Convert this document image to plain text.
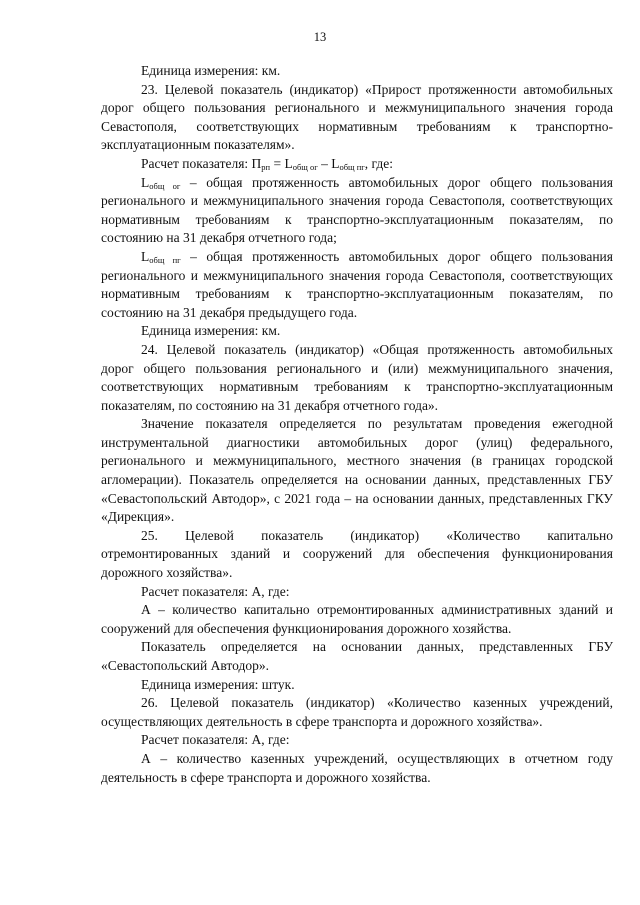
13

Единица измерения: км.

23. Целевой показатель (индикатор) «Прирост протяженности автомобильных дорог общего пользования регионального и межмуниципального значения города Севастополя, соответствующих нормативным требованиям к транспортно-эксплуатационным показателям».

Расчет показателя: $П_{рп} = L_{общ ог} - L_{общ пг}$, где:

$L_{общ ог}$ – общая протяженность автомобильных дорог общего пользования регионального и межмуниципального значения города Севастополя, соответствующих нормативным требованиям к транспортно-эксплуатационным показателям, по состоянию на 31 декабря отчетного года;

$L_{общ пг}$ – общая протяженность автомобильных дорог общего пользования регионального и межмуниципального значения города Севастополя, соответствующих нормативным требованиям к транспортно-эксплуатационным показателям, по состоянию на 31 декабря предыдущего года.

Единица измерения: км.

24. Целевой показатель (индикатор) «Общая протяженность автомобильных дорог общего пользования регионального и (или) межмуниципального значения, соответствующих нормативным требованиям к транспортно-эксплуатационным показателям, по состоянию на 31 декабря отчетного года».

Значение показателя определяется по результатам проведения ежегодной инструментальной диагностики автомобильных дорог (улиц) федерального, регионального и межмуниципального, местного значения (в границах городской агломерации). Показатель определяется на основании данных, представленных ГБУ «Севастопольский Автодор», с 2021 года – на основании данных, представленных ГКУ «Дирекция».

25. Целевой показатель (индикатор) «Количество капитально отремонтированных зданий и сооружений для обеспечения функционирования дорожного хозяйства».

Расчет показателя: А, где:

А – количество капитально отремонтированных административных зданий и сооружений для обеспечения функционирования дорожного хозяйства.

Показатель определяется на основании данных, представленных ГБУ «Севастопольский Автодор».

Единица измерения: штук.

26. Целевой показатель (индикатор) «Количество казенных учреждений, осуществляющих деятельность в сфере транспорта и дорожного хозяйства».

Расчет показателя: А, где:

А – количество казенных учреждений, осуществляющих в отчетном году деятельность в сфере транспорта и дорожного хозяйства.
